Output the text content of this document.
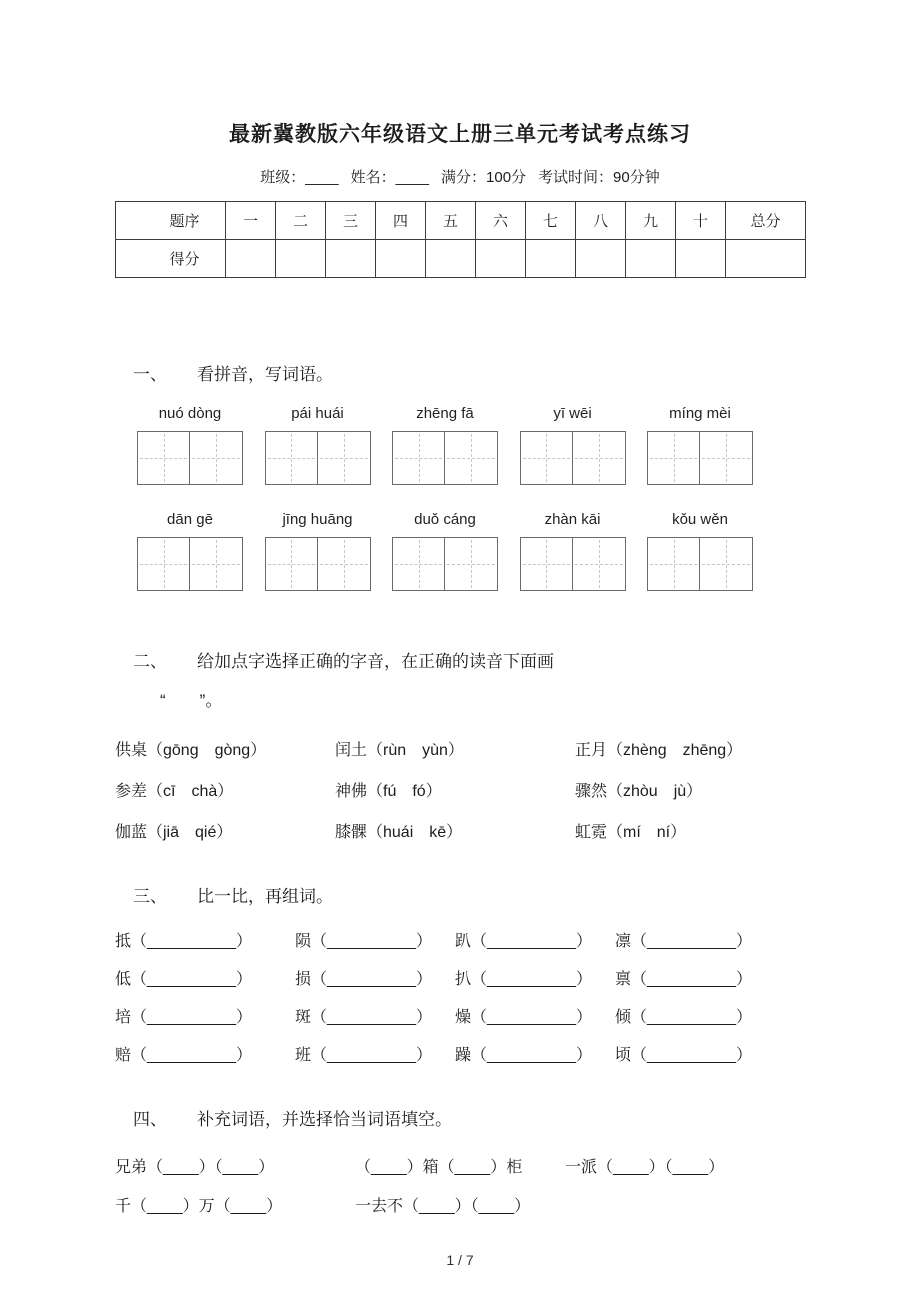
最新冀教版六年级语文上册三单元考试考点练习
班级：____ 姓名：____ 满分：100分 考试时间：90分钟
题序	一	二	三	四	五	六	七	八	九	十	总分
得分											
一、 看拼音，写词语。
nuó dòng	pái huái	zhēng fā	yī wēi	míng mèi
dān gē	jīng huāng	duǒ cáng	zhàn kāi	kǒu wěn
二、 给加点字选择正确的字音，在正确的读音下面画
“　　”。
供桌（gōng　gòng）	闰土（rùn　yùn）	正月（zhèng　zhēng）
参差（cī　chà）	神佛（fú　fó）	骤然（zhòu　jù）
伽蓝（jiā　qié）	膝髁（huái　kē）	虹霓（mí　ní）
三、 比一比，再组词。
抵（__________）	陨（__________）	趴（__________）	凛（__________）
低（__________）	损（__________）	扒（__________）	禀（__________）
培（__________）	斑（__________）	燥（__________）	倾（__________）
赔（__________）	班（__________）	躁（__________）	顷（__________）
四、 补充词语，并选择恰当词语填空。
兄弟（____）（____）	（____）箱（____）柜	一派（____）（____）
千（____）万（____）	一去不（____）（____）
1 / 7
